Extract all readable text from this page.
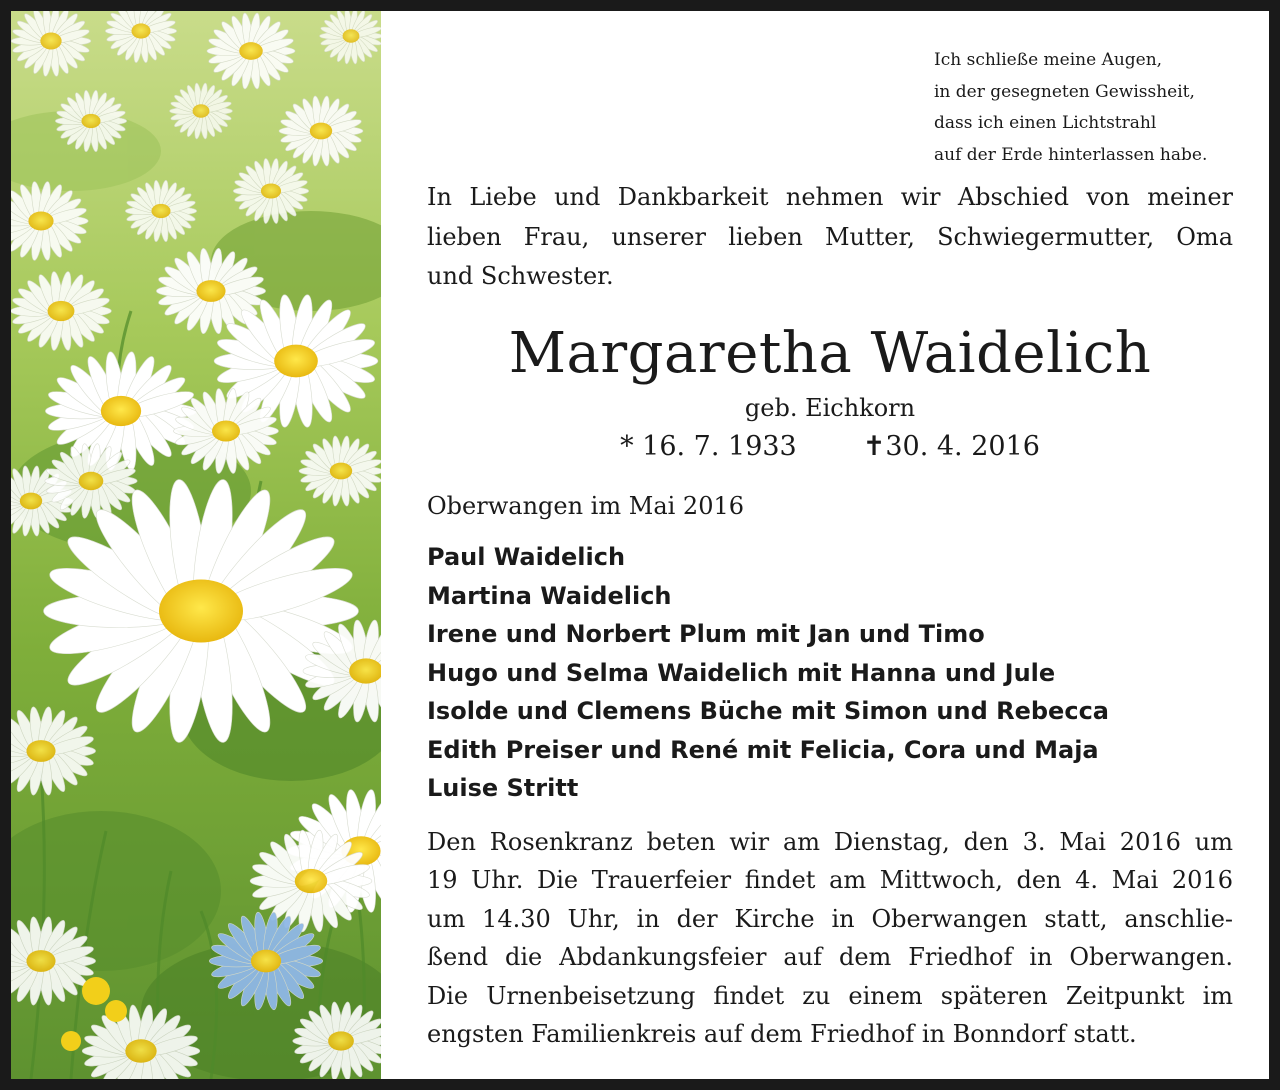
Ich schließe meine Augen,
in der gesegneten Gewissheit,
dass ich einen Lichtstrahl
auf der Erde hinterlassen habe.
In Liebe und Dankbarkeit nehmen wir Abschied von meiner
lieben Frau, unserer lieben Mutter, Schwiegermutter, Oma
und Schwester.
Margaretha Waidelich
geb. Eichkorn
* 16. 7. 1933 ✝30. 4. 2016
Oberwangen im Mai 2016
Paul Waidelich
Martina Waidelich
Irene und Norbert Plum mit Jan und Timo
Hugo und Selma Waidelich mit Hanna und Jule
Isolde und Clemens Büche mit Simon und Rebecca
Edith Preiser und René mit Felicia, Cora und Maja
Luise Stritt
Den Rosenkranz beten wir am Dienstag, den 3. Mai 2016 um
19 Uhr. Die Trauerfeier findet am Mittwoch, den 4. Mai 2016
um 14.30 Uhr, in der Kirche in Oberwangen statt, anschlie-
ßend die Abdankungsfeier auf dem Friedhof in Oberwangen.
Die Urnenbeisetzung findet zu einem späteren Zeitpunkt im
engsten Familienkreis auf dem Friedhof in Bonndorf statt.
